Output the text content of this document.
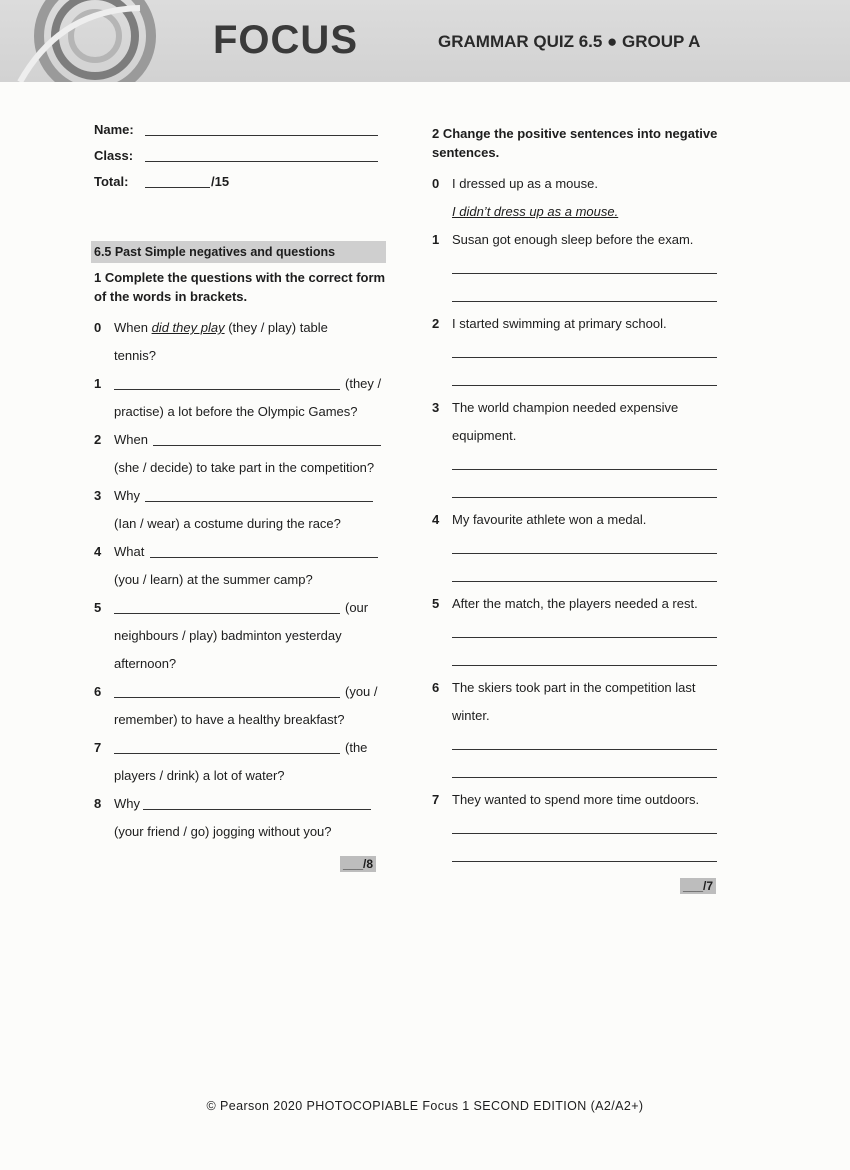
FOCUS	GRAMMAR QUIZ 6.5 ● GROUP A
Name:
Class:
Total:	/15
6.5 Past Simple negatives and questions
1 Complete the questions with the correct form of the words in brackets.
0 When did they play (they / play) table
tennis?
1	(they /
practise) a lot before the Olympic Games?
2 When
(she / decide) to take part in the competition?
3 Why
(Ian / wear) a costume during the race?
4 What
(you / learn) at the summer camp?
5	(our
neighbours / play) badminton yesterday
afternoon?
6	(you /
remember) to have a healthy breakfast?
7	(the
players / drink) a lot of water?
8 Why
(your friend / go) jogging without you?
___/8
2 Change the positive sentences into negative sentences.
0 I dressed up as a mouse.
I didn’t dress up as a mouse.
1 Susan got enough sleep before the exam.
2 I started swimming at primary school.
3 The world champion needed expensive
equipment.
4 My favourite athlete won a medal.
5 After the match, the players needed a rest.
6 The skiers took part in the competition last
winter.
7 They wanted to spend more time outdoors.
___/7
© Pearson 2020 PHOTOCOPIABLE Focus 1 SECOND EDITION (A2/A2+)
